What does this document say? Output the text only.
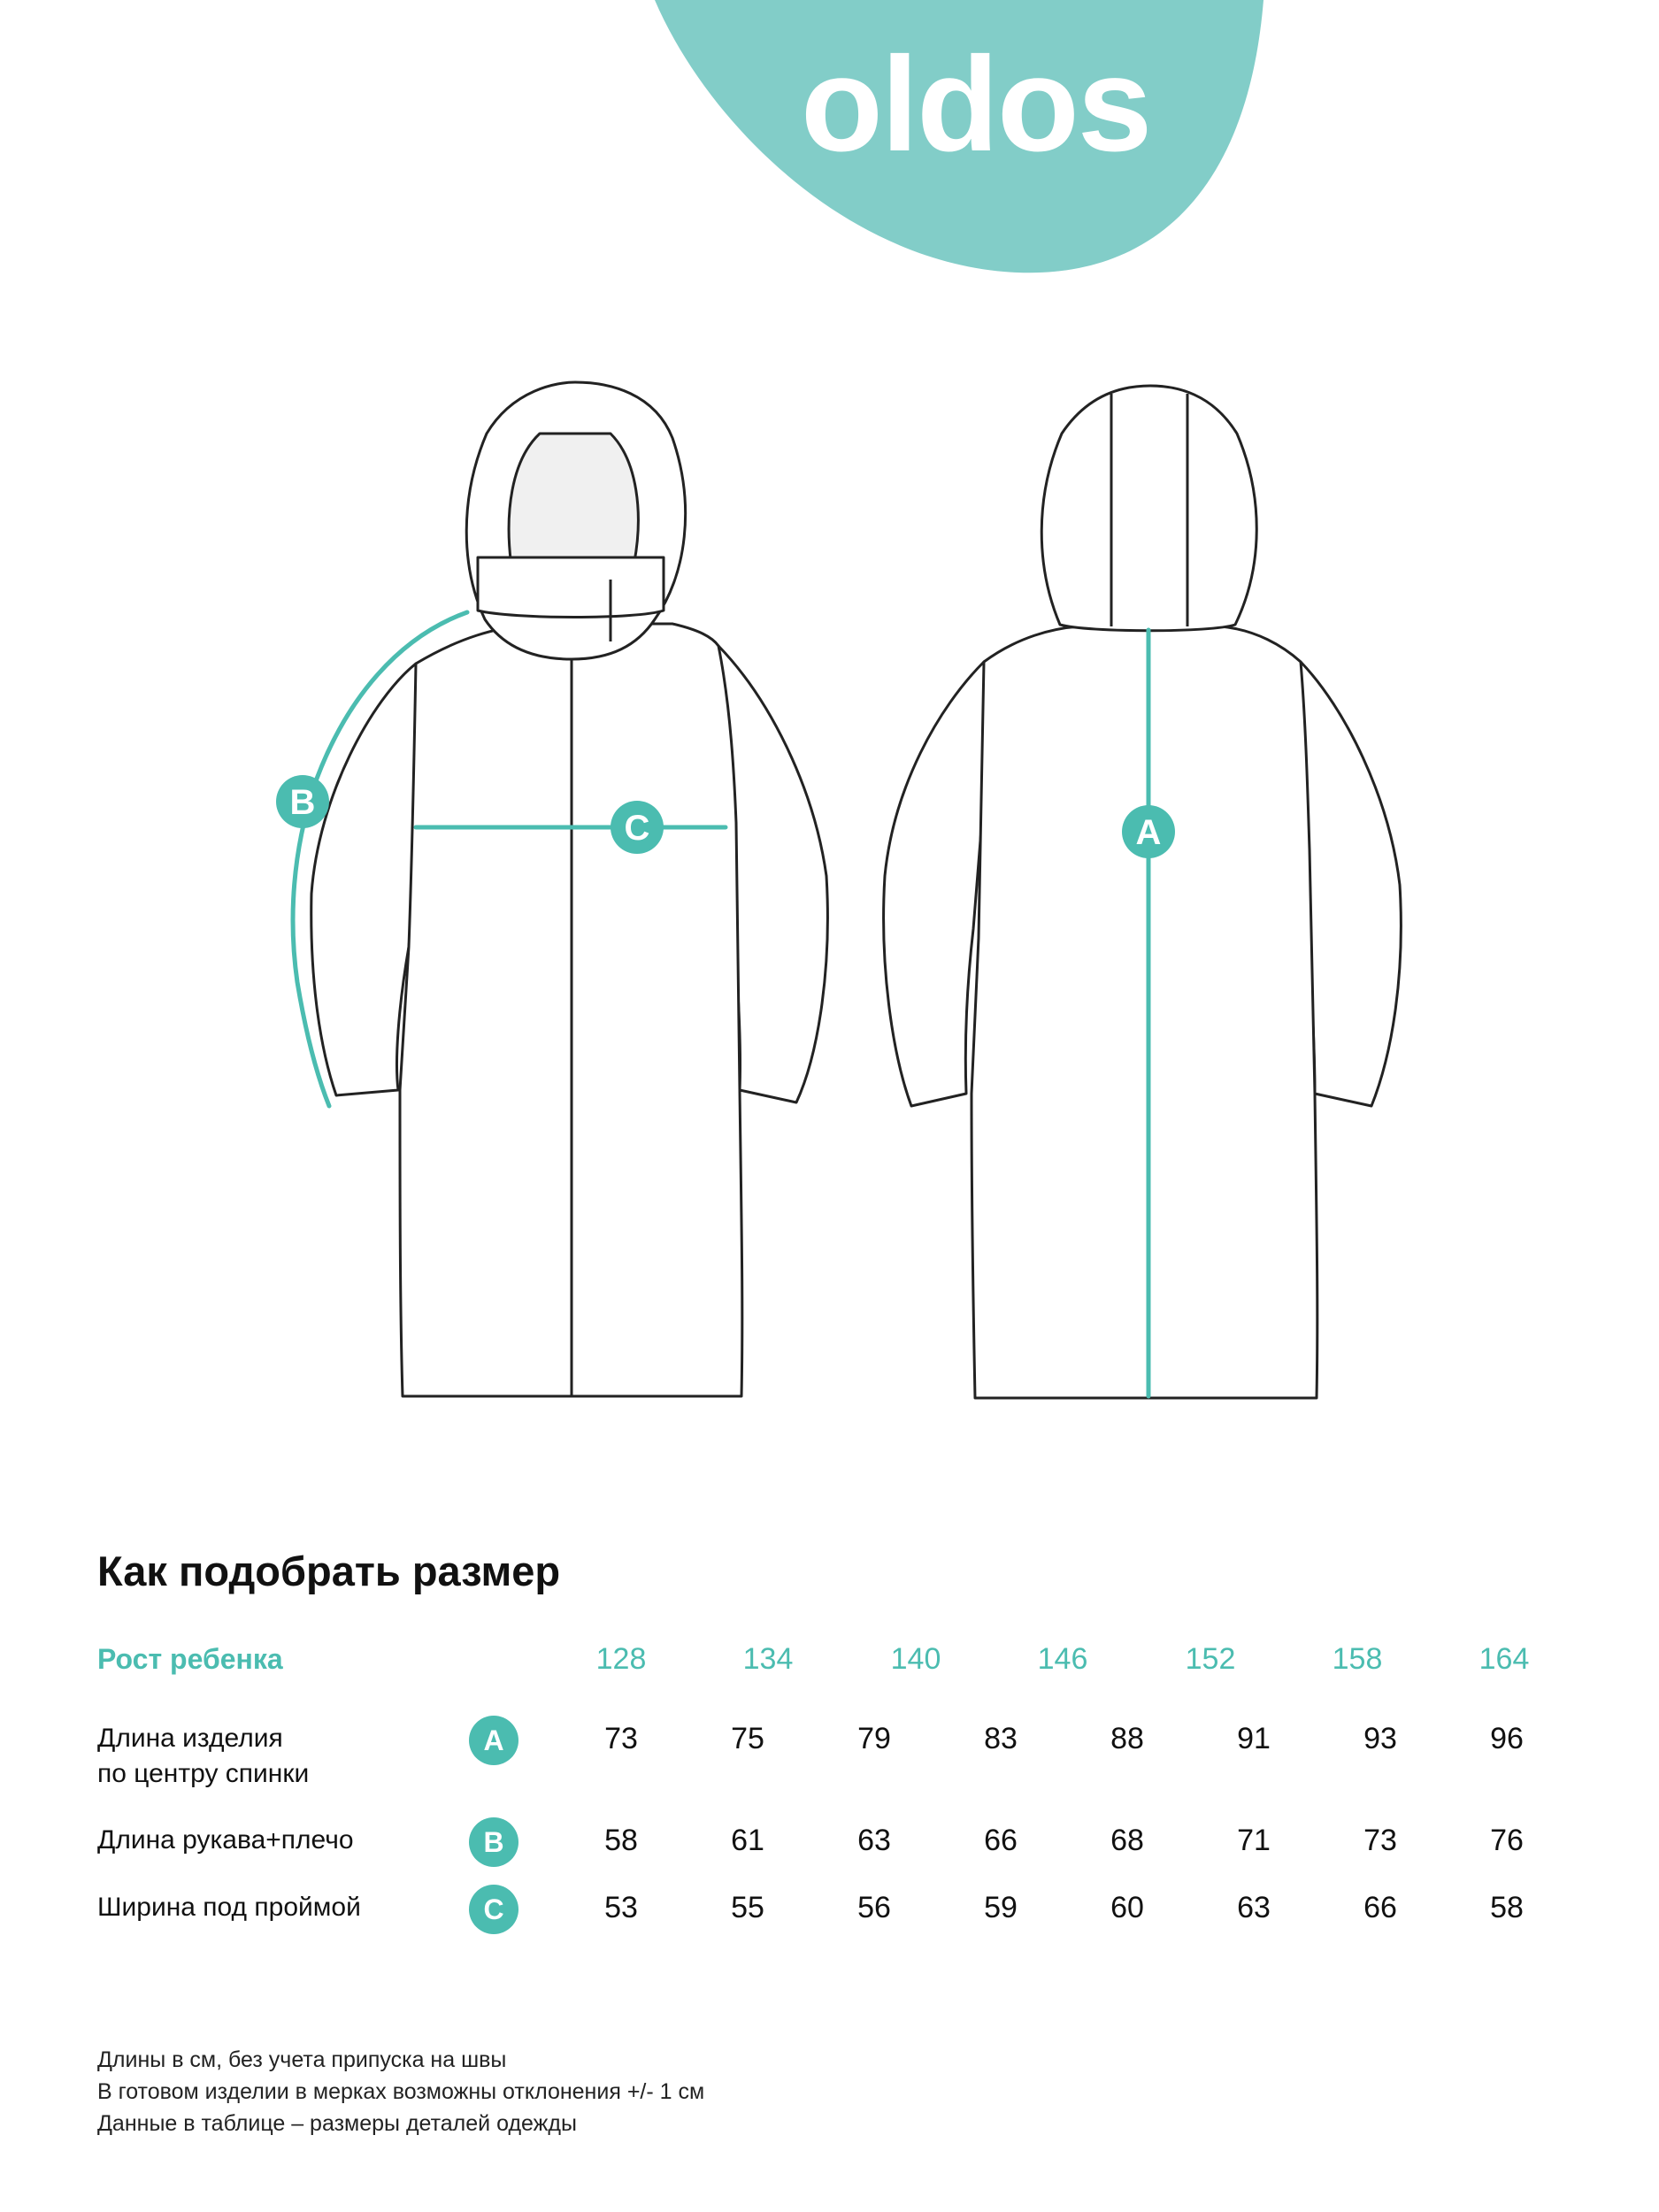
oldos
B
C	A
Как подобрать размер
Рост ребенка	128	134	140	146	152	158	164
Длина изделия
по центру спинки
A	73	75	79	83	88	91	93	96
Длина рукава+плечо	B	58	61	63	66	68	71	73	76
Ширина под проймой	C	53	55	56	59	60	63	66	58
Длины в см, без учета припуска на швы
В готовом изделии в мерках возможны отклонения +/- 1 см
Данные в таблице – размеры деталей одежды
